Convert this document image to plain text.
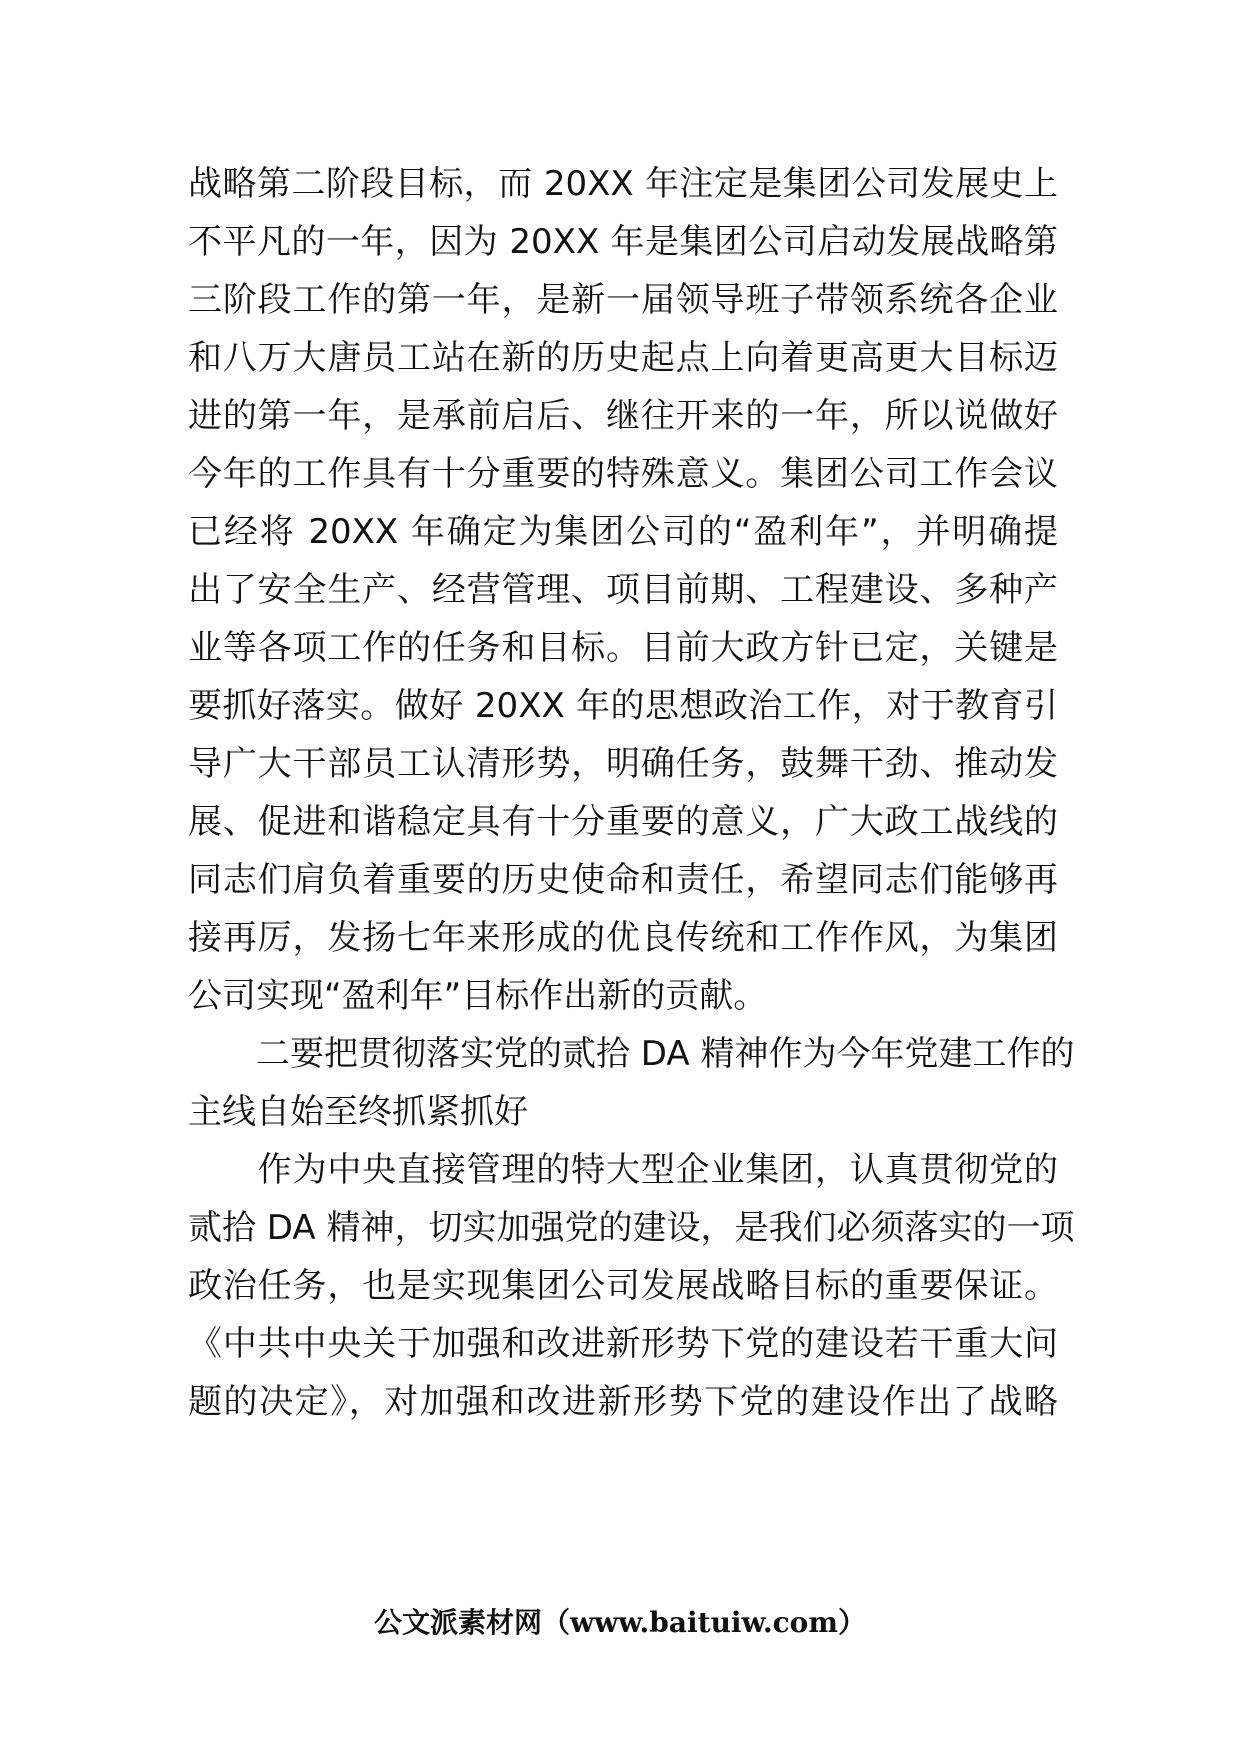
战略第二阶段目标，而 20XX 年注定是集团公司发展史上
不平凡的一年，因为 20XX 年是集团公司启动发展战略第
三阶段工作的第一年，是新一届领导班子带领系统各企业
和八万大唐员工站在新的历史起点上向着更高更大目标迈
进的第一年，是承前启后、继往开来的一年，所以说做好
今年的工作具有十分重要的特殊意义。集团公司工作会议
已经将 20XX 年确定为集团公司的“盈利年”，并明确提
出了安全生产、经营管理、项目前期、工程建设、多种产
业等各项工作的任务和目标。目前大政方针已定，关键是
要抓好落实。做好 20XX 年的思想政治工作，对于教育引
导广大干部员工认清形势，明确任务，鼓舞干劲、推动发
展、促进和谐稳定具有十分重要的意义，广大政工战线的
同志们肩负着重要的历史使命和责任，希望同志们能够再
接再厉，发扬七年来形成的优良传统和工作作风，为集团
公司实现“盈利年”目标作出新的贡献。
　　二要把贯彻落实党的贰拾 DA 精神作为今年党建工作的
主线自始至终抓紧抓好
　　作为中央直接管理的特大型企业集团，认真贯彻党的
贰拾 DA 精神，切实加强党的建设，是我们必须落实的一项
政治任务，也是实现集团公司发展战略目标的重要保证。
《中共中央关于加强和改进新形势下党的建设若干重大问
题的决定》，对加强和改进新形势下党的建设作出了战略
公文派素材网（www.baituiw.com）
